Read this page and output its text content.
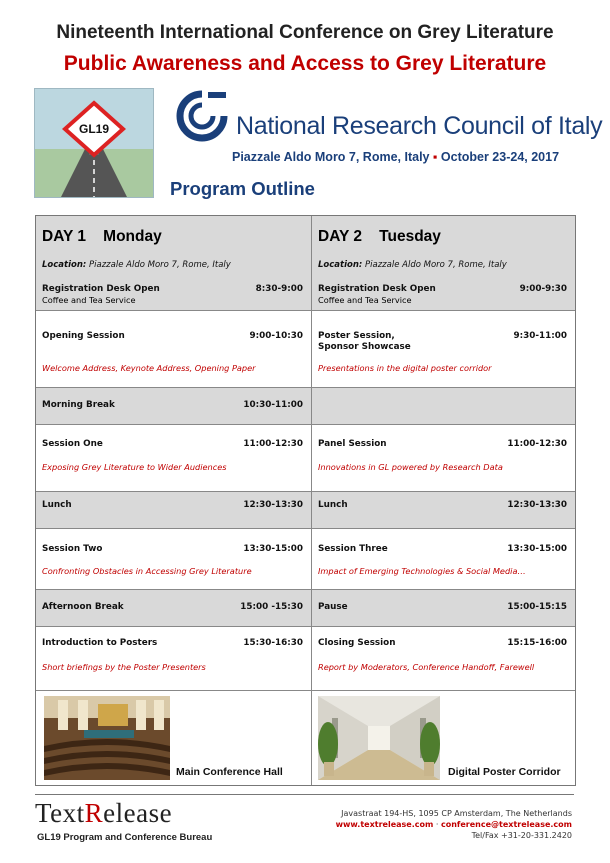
Nineteenth International Conference on Grey Literature
Public Awareness and Access to Grey Literature
GL19	National Research Council of Italy
Piazzale Aldo Moro 7, Rome, Italy ▪ October 23-24, 2017
Program Outline
DAY 1    Monday
Location: Piazzale Aldo Moro 7, Rome, Italy
Registration Desk Open	8:30-9:00
Coffee and Tea Service
DAY 2    Tuesday
Location: Piazzale Aldo Moro 7, Rome, Italy
Registration Desk Open	9:00-9:30
Coffee and Tea Service
Opening Session	9:00-10:30
Welcome Address, Keynote Address, Opening Paper
Poster Session,
Sponsor Showcase
9:30-11:00
Presentations in the digital poster corridor
Morning Break	10:30-11:00
Session One	11:00-12:30
Exposing Grey Literature to Wider Audiences
Panel Session	11:00-12:30
Innovations in GL powered by Research Data
Lunch	12:30-13:30 Lunch	12:30-13:30
Session Two	13:30-15:00
Confronting Obstacles in Accessing Grey Literature
Session Three	13:30-15:00
Impact of Emerging Technologies & Social Media…
Afternoon Break	15:00 -15:30 Pause	15:00-15:15
Introduction to Posters	15:30-16:30
Short briefings by the Poster Presenters
Closing Session	15:15-16:00
Report by Moderators, Conference Handoff, Farewell
Main Conference Hall	Digital Poster Corridor
TextRelease
GL19 Program and Conference Bureau
Javastraat 194-HS, 1095 CP Amsterdam, The Netherlands
www.textrelease.com · conference@textrelease.com
Tel/Fax +31-20-331.2420
